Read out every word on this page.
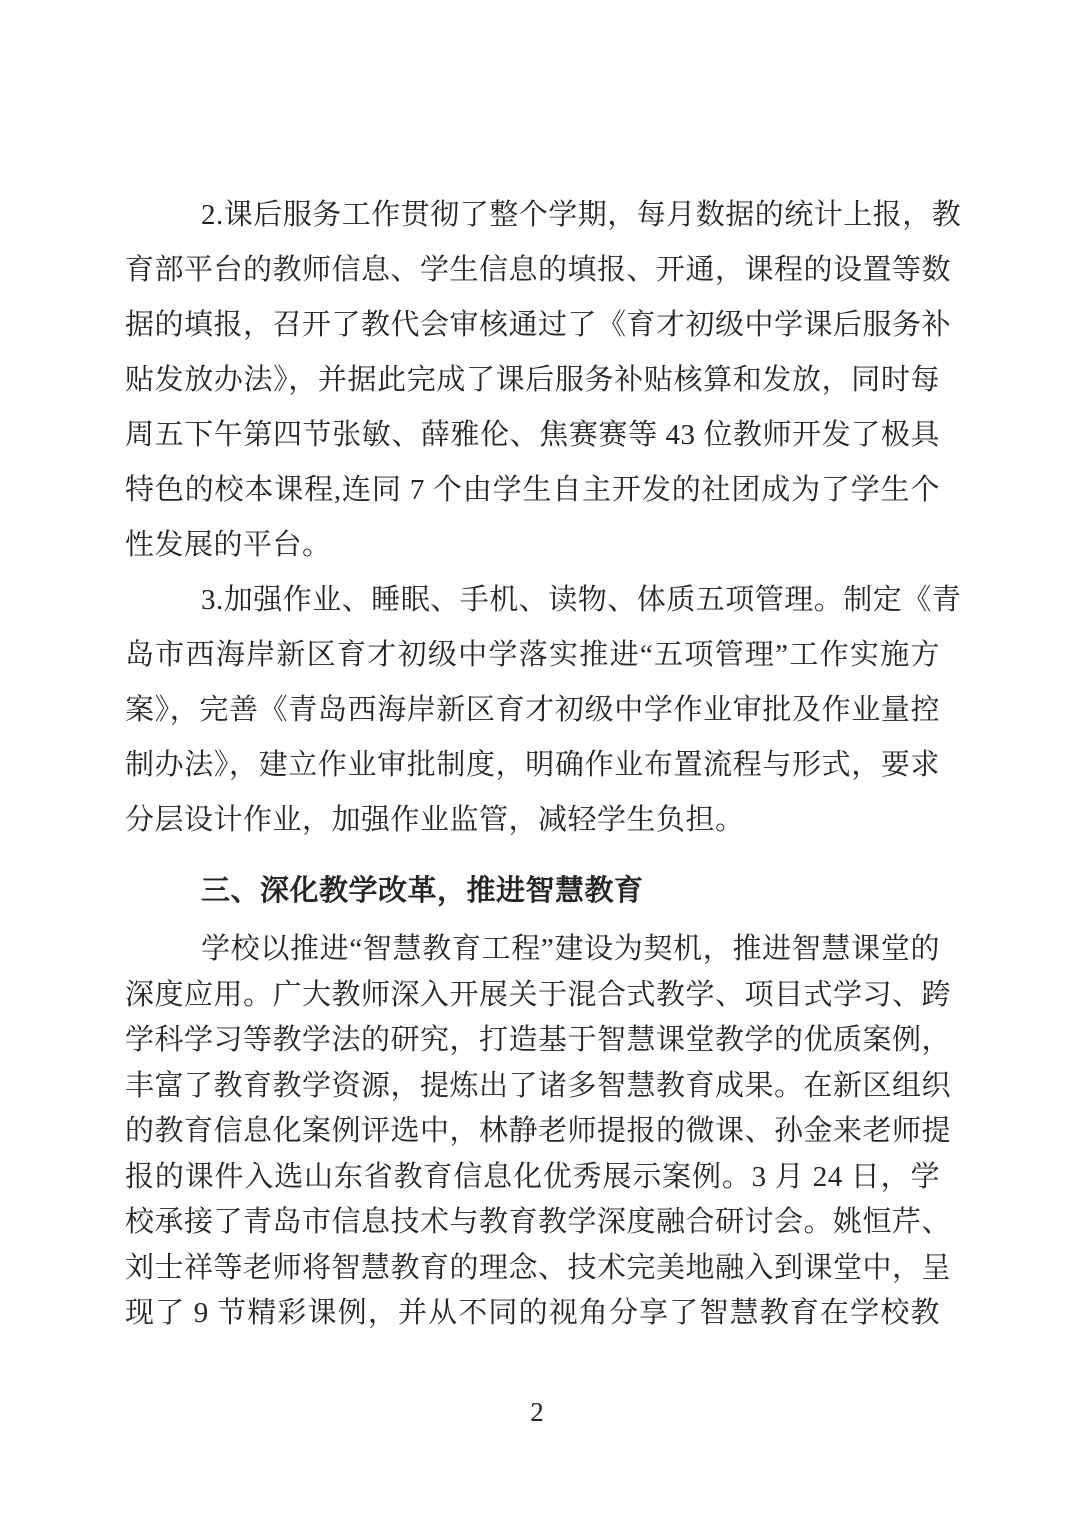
2.课后服务工作贯彻了整个学期，每月数据的统计上报，教
育部平台的教师信息、学生信息的填报、开通，课程的设置等数
据的填报，召开了教代会审核通过了《育才初级中学课后服务补
贴发放办法》，并据此完成了课后服务补贴核算和发放，同时每
周五下午第四节张敏、薛雅伦、焦赛赛等 43 位教师开发了极具
特色的校本课程,连同 7 个由学生自主开发的社团成为了学生个
性发展的平台。
3.加强作业、睡眠、手机、读物、体质五项管理。制定《青
岛市西海岸新区育才初级中学落实推进“五项管理”工作实施方
案》，完善《青岛西海岸新区育才初级中学作业审批及作业量控
制办法》，建立作业审批制度，明确作业布置流程与形式，要求
分层设计作业，加强作业监管，减轻学生负担。
三、深化教学改革，推进智慧教育
学校以推进“智慧教育工程”建设为契机，推进智慧课堂的
深度应用。广大教师深入开展关于混合式教学、项目式学习、跨
学科学习等教学法的研究，打造基于智慧课堂教学的优质案例，
丰富了教育教学资源，提炼出了诸多智慧教育成果。在新区组织
的教育信息化案例评选中，林静老师提报的微课、孙金来老师提
报的课件入选山东省教育信息化优秀展示案例。3 月 24 日，学
校承接了青岛市信息技术与教育教学深度融合研讨会。姚恒芹、
刘士祥等老师将智慧教育的理念、技术完美地融入到课堂中，呈
现了 9 节精彩课例，并从不同的视角分享了智慧教育在学校教
2
